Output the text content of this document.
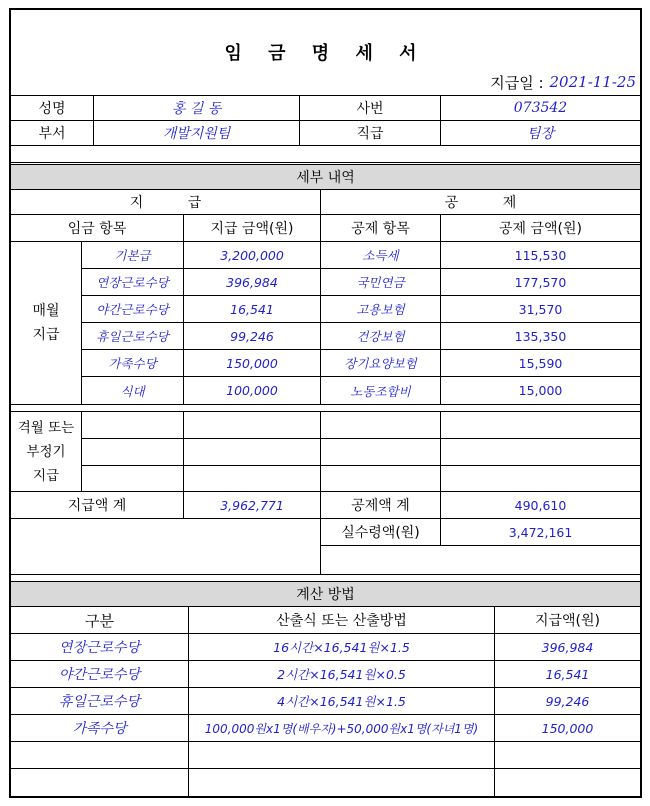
임 금 명 세 서
지급일 : 2021-11-25
성명	홍 길 동	사번	073542
부서	개발지원팀	직급	팀장
세부 내역
지          급	공          제
임금 항목	지급 금액(원)	공제 항목	공제 금액(원)
매월
지급
기본급	3,200,000	소득세	115,530
연장근로수당	396,984	국민연금	177,570
야간근로수당	16,541	고용보험	31,570
휴일근로수당	99,246	건강보험	135,350
가족수당	150,000	장기요양보험	15,590
식대	100,000	노동조합비	15,000
격월 또는
부정기
지급
지급액 계	3,962,771	공제액 계	490,610
실수령액(원)	3,472,161
계산 방법
구분	산출식 또는 산출방법	지급액(원)
연장근로수당	16시간×16,541원×1.5	396,984
야간근로수당	2시간×16,541원×0.5	16,541
휴일근로수당	4시간×16,541원×1.5	99,246
가족수당	100,000원x1명(배우자)+50,000원x1명(자녀1명)	150,000
